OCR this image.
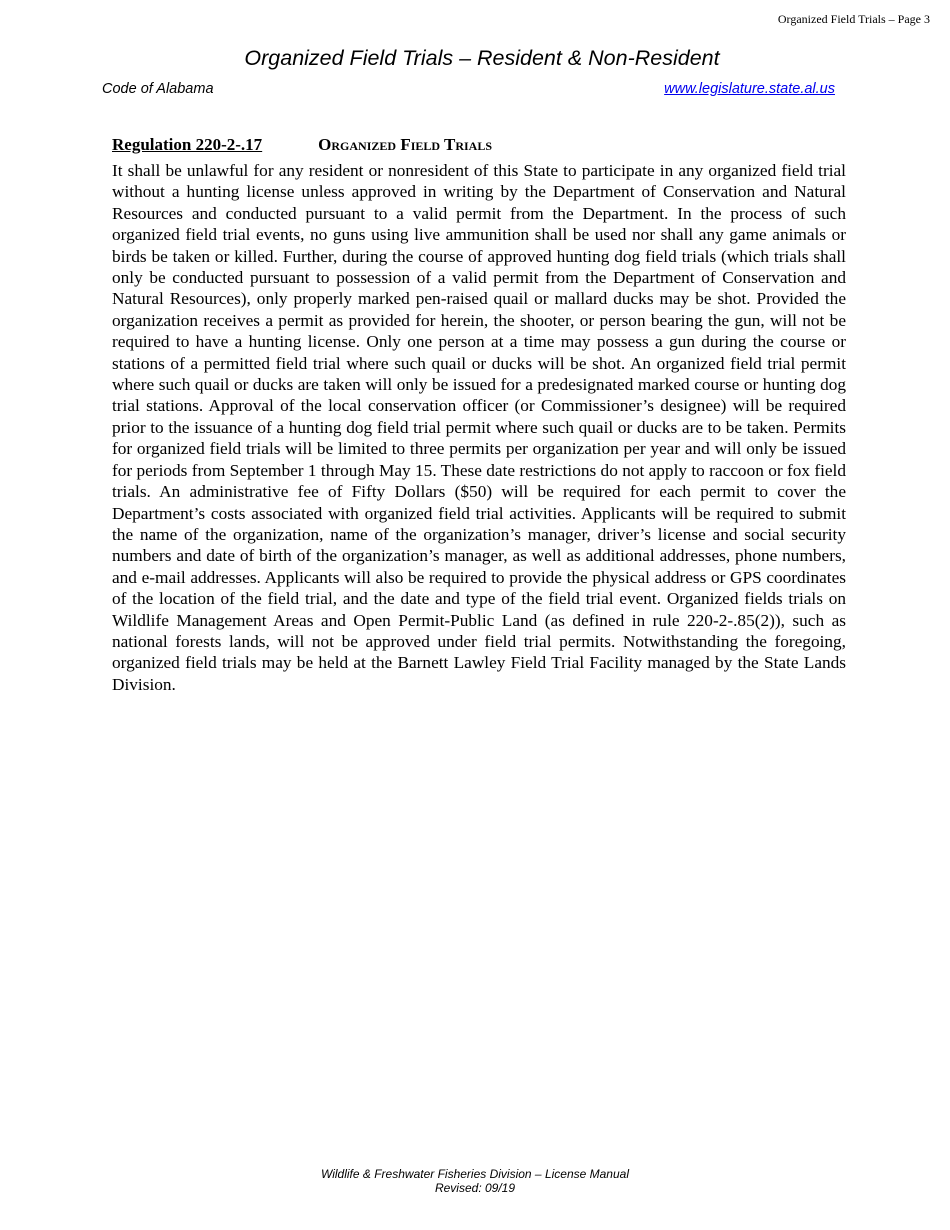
Organized Field Trials – Page 3
Organized Field Trials – Resident & Non-Resident
Code of Alabama	www.legislature.state.al.us
Regulation 220-2-.17	Organized Field Trials

It shall be unlawful for any resident or nonresident of this State to participate in any organized field trial without a hunting license unless approved in writing by the Department of Conservation and Natural Resources and conducted pursuant to a valid permit from the Department. In the process of such organized field trial events, no guns using live ammunition shall be used nor shall any game animals or birds be taken or killed. Further, during the course of approved hunting dog field trials (which trials shall only be conducted pursuant to possession of a valid permit from the Department of Conservation and Natural Resources), only properly marked pen-raised quail or mallard ducks may be shot. Provided the organization receives a permit as provided for herein, the shooter, or person bearing the gun, will not be required to have a hunting license. Only one person at a time may possess a gun during the course or stations of a permitted field trial where such quail or ducks will be shot. An organized field trial permit where such quail or ducks are taken will only be issued for a predesignated marked course or hunting dog trial stations. Approval of the local conservation officer (or Commissioner’s designee) will be required prior to the issuance of a hunting dog field trial permit where such quail or ducks are to be taken. Permits for organized field trials will be limited to three permits per organization per year and will only be issued for periods from September 1 through May 15. These date restrictions do not apply to raccoon or fox field trials. An administrative fee of Fifty Dollars ($50) will be required for each permit to cover the Department’s costs associated with organized field trial activities. Applicants will be required to submit the name of the organization, name of the organization’s manager, driver’s license and social security numbers and date of birth of the organization’s manager, as well as additional addresses, phone numbers, and e-mail addresses. Applicants will also be required to provide the physical address or GPS coordinates of the location of the field trial, and the date and type of the field trial event. Organized fields trials on Wildlife Management Areas and Open Permit-Public Land (as defined in rule 220-2-.85(2)), such as national forests lands, will not be approved under field trial permits. Notwithstanding the foregoing, organized field trials may be held at the Barnett Lawley Field Trial Facility managed by the State Lands Division.

Wildlife & Freshwater Fisheries Division – License Manual
Revised: 09/19
